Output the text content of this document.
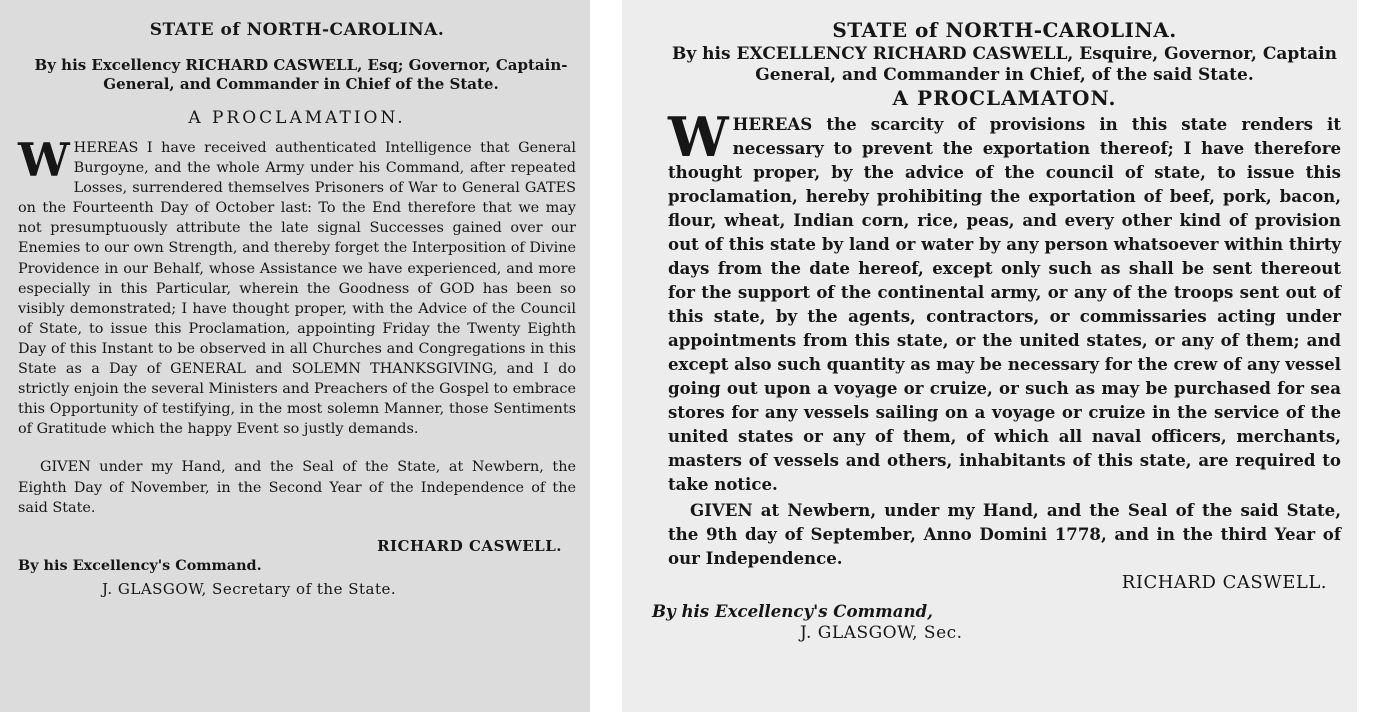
STATE of NORTH-CAROLINA.
By his Excellency RICHARD CASWELL, Esq; Governor, Captain-General, and Commander in Chief of the State.
A PROCLAMATION.

WHEREAS I have received authenticated Intelligence that General Burgoyne, and the whole Army under his Command, after repeated Losses, surrendered themselves Prisoners of War to General GATES on the Fourteenth Day of October last: To the End therefore that we may not presumptuously attribute the late signal Successes gained over our Enemies to our own Strength, and thereby forget the Interposition of Divine Providence in our Behalf, whose Assistance we have experienced, and more especially in this Particular, wherein the Goodness of GOD has been so visibly demonstrated; I have thought proper, with the Advice of the Council of State, to issue this Proclamation, appointing Friday the Twenty Eighth Day of this Instant to be observed in all Churches and Congregations in this State as a Day of GENERAL and SOLEMN THANKSGIVING, and I do strictly enjoin the several Ministers and Preachers of the Gospel to embrace this Opportunity of testifying, in the most solemn Manner, those Sentiments of Gratitude which the happy Event so justly demands.

GIVEN under my Hand, and the Seal of the State, at Newbern, the Eighth Day of November, in the Second Year of the Independence of the said State.

RICHARD CASWELL.
By his Excellency's Command.
J. GLASGOW, Secretary of the State.
STATE of NORTH-CAROLINA.
By his EXCELLENCY RICHARD CASWELL, Esquire, Governor, Captain General, and Commander in Chief, of the said State.
A PROCLAMATON.

WHEREAS the scarcity of provisions in this state renders it necessary to prevent the exportation thereof; I have therefore thought proper, by the advice of the council of state, to issue this proclamation, hereby prohibiting the exportation of beef, pork, bacon, flour, wheat, Indian corn, rice, peas, and every other kind of provision out of this state by land or water by any person whatsoever within thirty days from the date hereof, except only such as shall be sent thereout for the support of the continental army, or any of the troops sent out of this state, by the agents, contractors, or commissaries acting under appointments from this state, or the united states, or any of them; and except also such quantity as may be necessary for the crew of any vessel going out upon a voyage or cruize, or such as may be purchased for sea stores for any vessels sailing on a voyage or cruize in the service of the united states or any of them, of which all naval officers, merchants, masters of vessels and others, inhabitants of this state, are required to take notice.

GIVEN at Newbern, under my Hand, and the Seal of the said State, the 9th day of September, Anno Domini 1778, and in the third Year of our Independence.

RICHARD CASWELL.
By his Excellency's Command,
J. GLASGOW, Sec.
